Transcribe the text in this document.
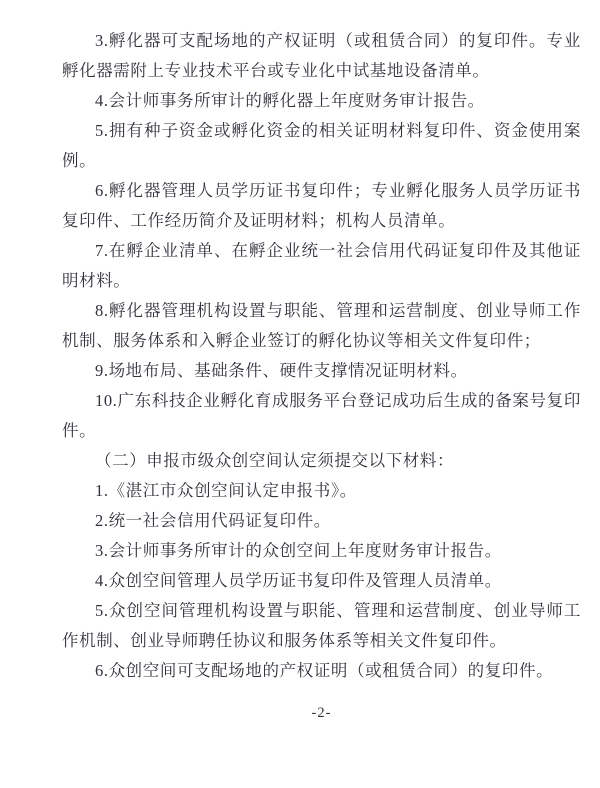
3.孵化器可支配场地的产权证明（或租赁合同）的复印件。专业孵化器需附上专业技术平台或专业化中试基地设备清单。

4.会计师事务所审计的孵化器上年度财务审计报告。

5.拥有种子资金或孵化资金的相关证明材料复印件、资金使用案例。

6.孵化器管理人员学历证书复印件；专业孵化服务人员学历证书复印件、工作经历简介及证明材料；机构人员清单。

7.在孵企业清单、在孵企业统一社会信用代码证复印件及其他证明材料。

8.孵化器管理机构设置与职能、管理和运营制度、创业导师工作机制、服务体系和入孵企业签订的孵化协议等相关文件复印件；

9.场地布局、基础条件、硬件支撑情况证明材料。

10.广东科技企业孵化育成服务平台登记成功后生成的备案号复印件。

（二）申报市级众创空间认定须提交以下材料：

1.《湛江市众创空间认定申报书》。

2.统一社会信用代码证复印件。

3.会计师事务所审计的众创空间上年度财务审计报告。

4.众创空间管理人员学历证书复印件及管理人员清单。

5.众创空间管理机构设置与职能、管理和运营制度、创业导师工作机制、创业导师聘任协议和服务体系等相关文件复印件。

6.众创空间可支配场地的产权证明（或租赁合同）的复印件。

-2-
